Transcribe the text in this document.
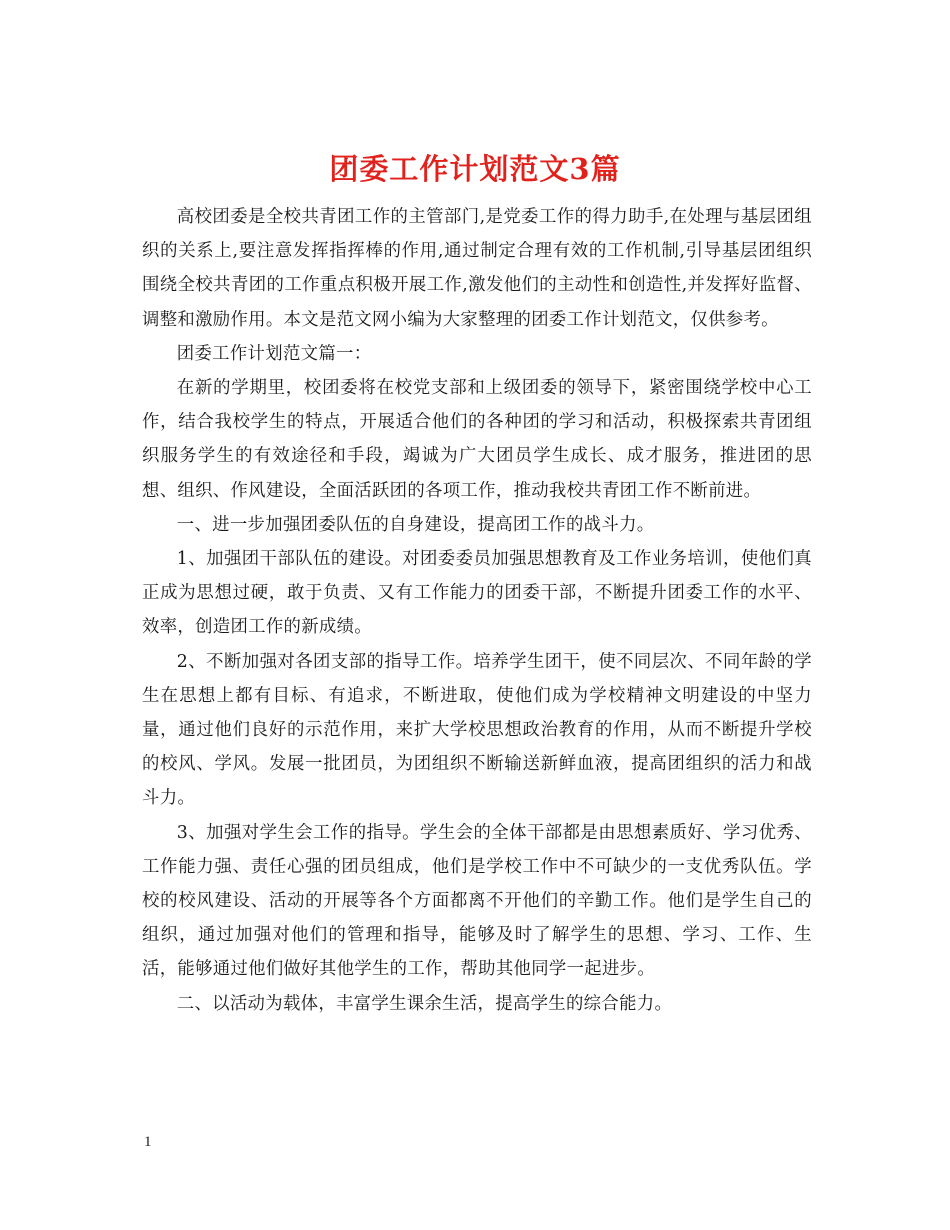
团委工作计划范文3篇

高校团委是全校共青团工作的主管部门,是党委工作的得力助手,在处理与基层团组织的关系上,要注意发挥指挥棒的作用,通过制定合理有效的工作机制,引导基层团组织围绕全校共青团的工作重点积极开展工作,激发他们的主动性和创造性,并发挥好监督、调整和激励作用。本文是范文网小编为大家整理的团委工作计划范文，仅供参考。

团委工作计划范文篇一：

在新的学期里，校团委将在校党支部和上级团委的领导下，紧密围绕学校中心工作，结合我校学生的特点，开展适合他们的各种团的学习和活动，积极探索共青团组织服务学生的有效途径和手段，竭诚为广大团员学生成长、成才服务，推进团的思想、组织、作风建设，全面活跃团的各项工作，推动我校共青团工作不断前进。

一、进一步加强团委队伍的自身建设，提高团工作的战斗力。

1、加强团干部队伍的建设。对团委委员加强思想教育及工作业务培训，使他们真正成为思想过硬，敢于负责、又有工作能力的团委干部，不断提升团委工作的水平、效率，创造团工作的新成绩。

2、不断加强对各团支部的指导工作。培养学生团干，使不同层次、不同年龄的学生在思想上都有目标、有追求，不断进取，使他们成为学校精神文明建设的中坚力量，通过他们良好的示范作用，来扩大学校思想政治教育的作用，从而不断提升学校的校风、学风。发展一批团员，为团组织不断输送新鲜血液，提高团组织的活力和战斗力。

3、加强对学生会工作的指导。学生会的全体干部都是由思想素质好、学习优秀、工作能力强、责任心强的团员组成，他们是学校工作中不可缺少的一支优秀队伍。学校的校风建设、活动的开展等各个方面都离不开他们的辛勤工作。他们是学生自己的组织，通过加强对他们的管理和指导，能够及时了解学生的思想、学习、工作、生活，能够通过他们做好其他学生的工作，帮助其他同学一起进步。

二、以活动为载体，丰富学生课余生活，提高学生的综合能力。

1
